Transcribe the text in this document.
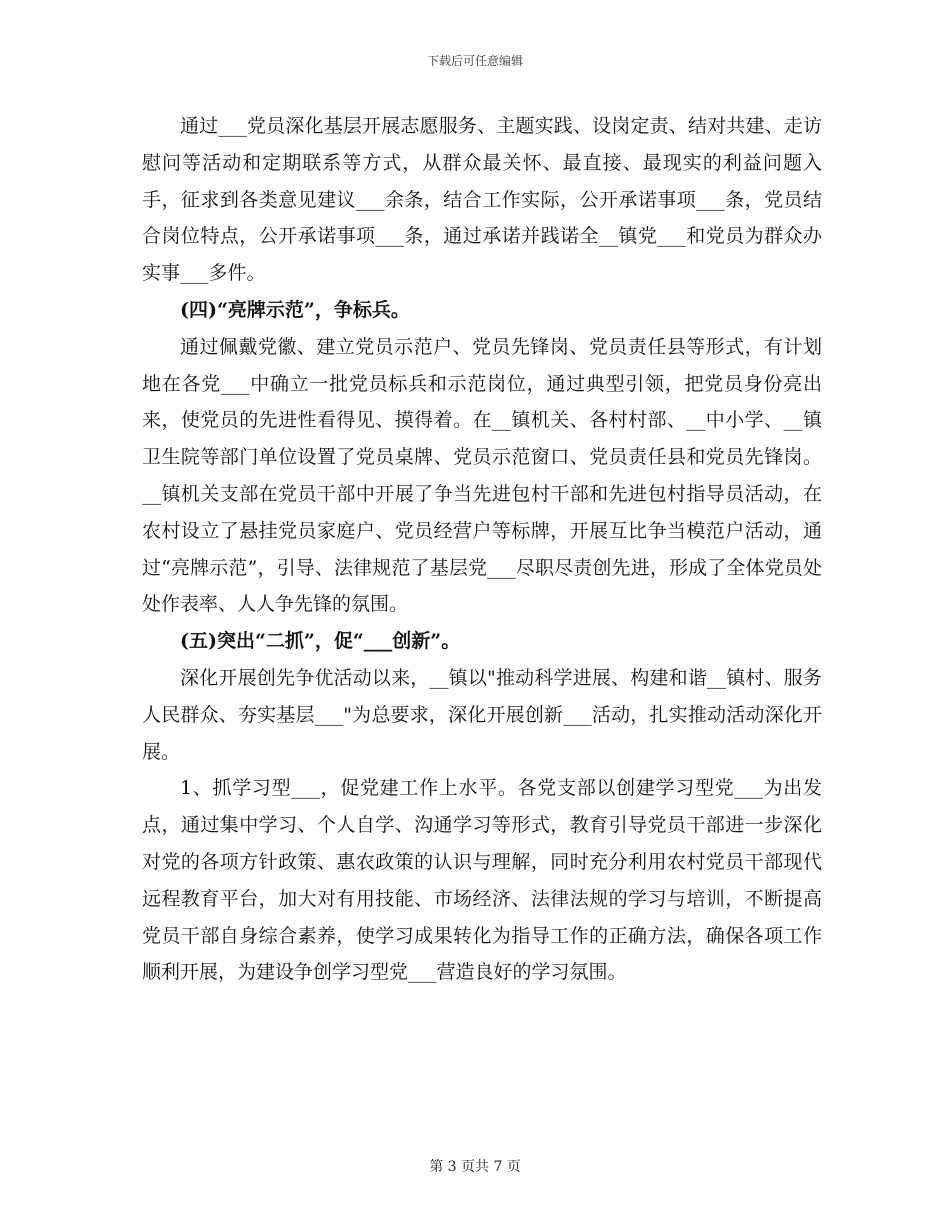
下载后可任意编辑

通过___党员深化基层开展志愿服务、主题实践、设岗定责、结对共建、走访慰问等活动和定期联系等方式，从群众最关怀、最直接、最现实的利益问题入手，征求到各类意见建议___余条，结合工作实际，公开承诺事项___条，党员结合岗位特点，公开承诺事项___条，通过承诺并践诺全__镇党___和党员为群众办实事___多件。

(四)“亮牌示范”，争标兵。

通过佩戴党徽、建立党员示范户、党员先锋岗、党员责任县等形式，有计划地在各党___中确立一批党员标兵和示范岗位，通过典型引领，把党员身份亮出来，使党员的先进性看得见、摸得着。在__镇机关、各村村部、__中小学、__镇卫生院等部门单位设置了党员桌牌、党员示范窗口、党员责任县和党员先锋岗。__镇机关支部在党员干部中开展了争当先进包村干部和先进包村指导员活动，在农村设立了悬挂党员家庭户、党员经营户等标牌，开展互比争当模范户活动，通过“亮牌示范”，引导、法律规范了基层党___尽职尽责创先进，形成了全体党员处处作表率、人人争先锋的氛围。

(五)突出“二抓”，促“___创新”。

深化开展创先争优活动以来，__镇以"推动科学进展、构建和谐__镇村、服务人民群众、夯实基层___"为总要求，深化开展创新___活动，扎实推动活动深化开展。

1、抓学习型___，促党建工作上水平。各党支部以创建学习型党___为出发点，通过集中学习、个人自学、沟通学习等形式，教育引导党员干部进一步深化对党的各项方针政策、惠农政策的认识与理解，同时充分利用农村党员干部现代远程教育平台，加大对有用技能、市场经济、法律法规的学习与培训，不断提高党员干部自身综合素养，使学习成果转化为指导工作的正确方法，确保各项工作顺利开展，为建设争创学习型党___营造良好的学习氛围。

第 3 页共 7 页
